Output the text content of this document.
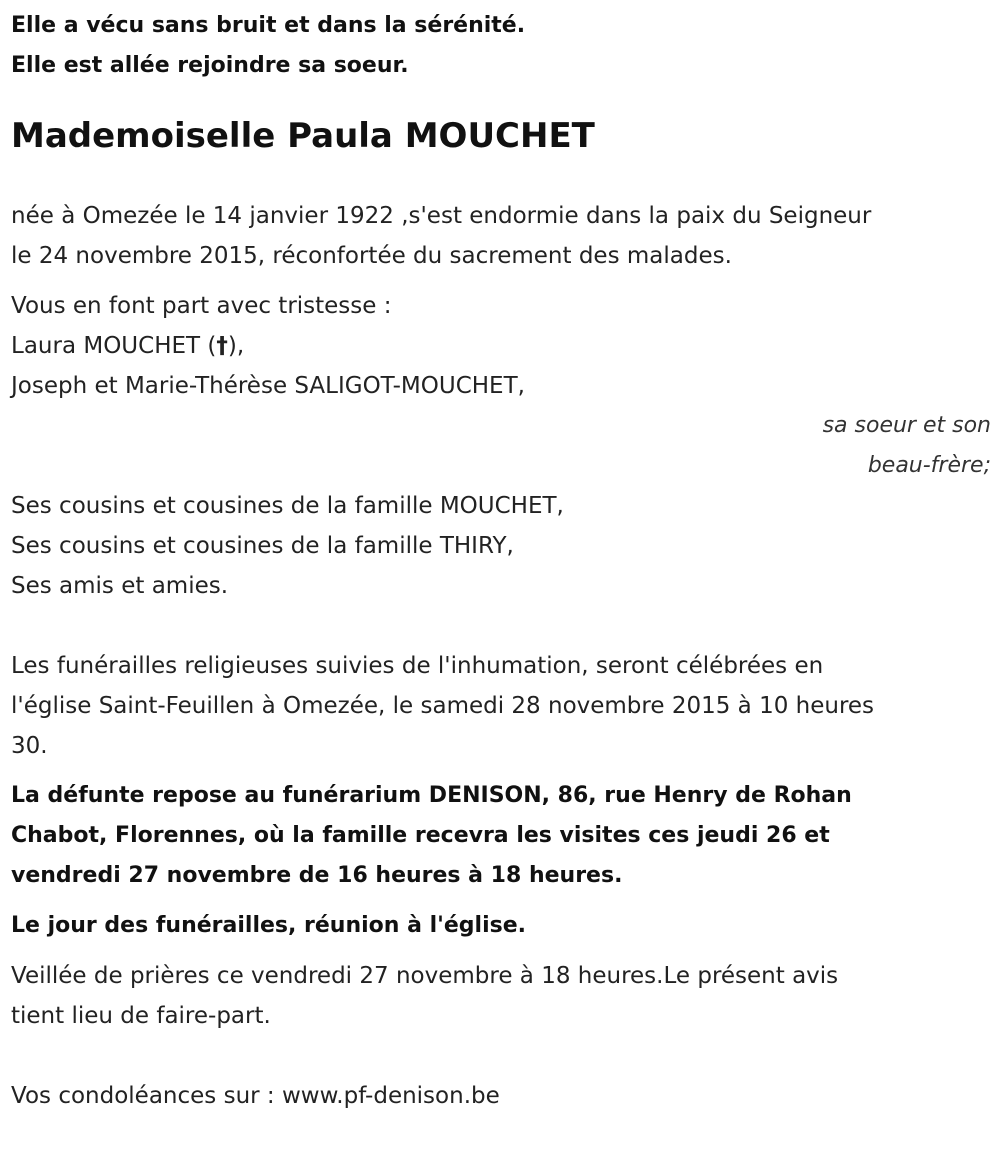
Elle a vécu sans bruit et dans la sérénité.

Elle est allée rejoindre sa soeur.

Mademoiselle Paula MOUCHET

née à Omezée le 14 janvier 1922 ,s'est endormie dans la paix du Seigneur

le 24 novembre 2015, réconfortée du sacrement des malades.

Vous en font part avec tristesse :

Laura MOUCHET (†),

Joseph et Marie-Thérèse SALIGOT-MOUCHET,

sa soeur et son

beau-frère;

Ses cousins et cousines de la famille MOUCHET,

Ses cousins et cousines de la famille THIRY,

Ses amis et amies.

Les funérailles religieuses suivies de l'inhumation, seront célébrées en

l'église Saint-Feuillen à Omezée, le samedi 28 novembre 2015 à 10 heures

30.

La défunte repose au funérarium DENISON, 86, rue Henry de Rohan

Chabot, Florennes, où la famille recevra les visites ces jeudi 26 et

vendredi 27 novembre de 16 heures à 18 heures.

Le jour des funérailles, réunion à l'église.

Veillée de prières ce vendredi 27 novembre à 18 heures.Le présent avis

tient lieu de faire-part.

Vos condoléances sur : www.pf-denison.be
